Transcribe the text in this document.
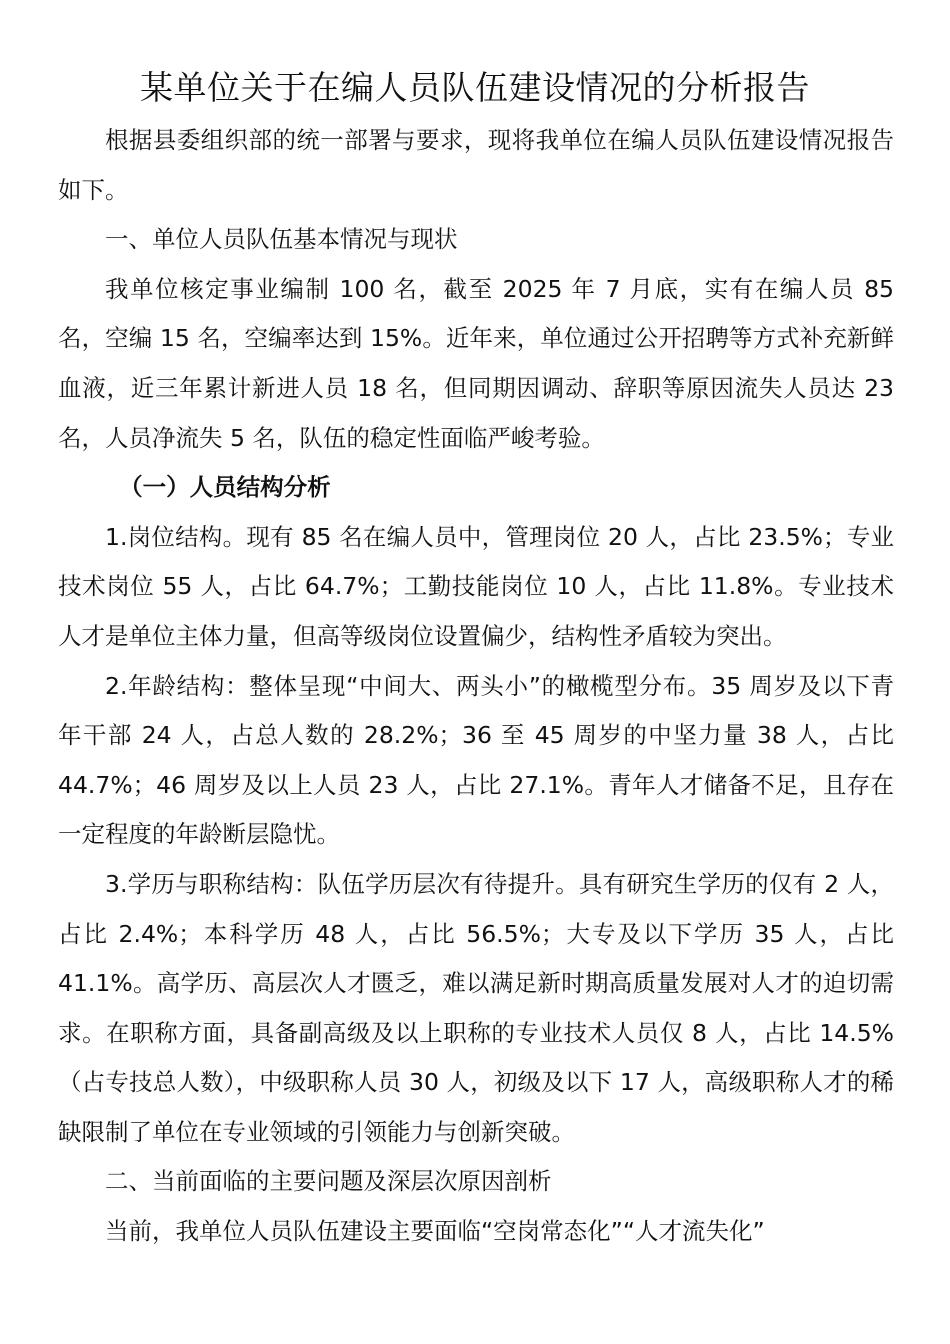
某单位关于在编人员队伍建设情况的分析报告

根据县委组织部的统一部署与要求，现将我单位在编人员队伍建设情况报告如下。

一、单位人员队伍基本情况与现状

我单位核定事业编制 100 名，截至 2025 年 7 月底，实有在编人员 85 名，空编 15 名，空编率达到 15%。近年来，单位通过公开招聘等方式补充新鲜血液，近三年累计新进人员 18 名，但同期因调动、辞职等原因流失人员达 23 名，人员净流失 5 名，队伍的稳定性面临严峻考验。

（一）人员结构分析

1.岗位结构。现有 85 名在编人员中，管理岗位 20 人，占比 23.5%；专业技术岗位 55 人，占比 64.7%；工勤技能岗位 10 人，占比 11.8%。专业技术人才是单位主体力量，但高等级岗位设置偏少，结构性矛盾较为突出。

2.年龄结构：整体呈现“中间大、两头小”的橄榄型分布。35 周岁及以下青年干部 24 人，占总人数的 28.2%；36 至 45 周岁的中坚力量 38 人，占比 44.7%；46 周岁及以上人员 23 人，占比 27.1%。青年人才储备不足，且存在一定程度的年龄断层隐忧。

3.学历与职称结构：队伍学历层次有待提升。具有研究生学历的仅有 2 人，占比 2.4%；本科学历 48 人，占比 56.5%；大专及以下学历 35 人，占比 41.1%。高学历、高层次人才匮乏，难以满足新时期高质量发展对人才的迫切需求。在职称方面，具备副高级及以上职称的专业技术人员仅 8 人，占比 14.5%（占专技总人数），中级职称人员 30 人，初级及以下 17 人，高级职称人才的稀缺限制了单位在专业领域的引领能力与创新突破。

二、当前面临的主要问题及深层次原因剖析

当前，我单位人员队伍建设主要面临“空岗常态化”“人才流失化”
